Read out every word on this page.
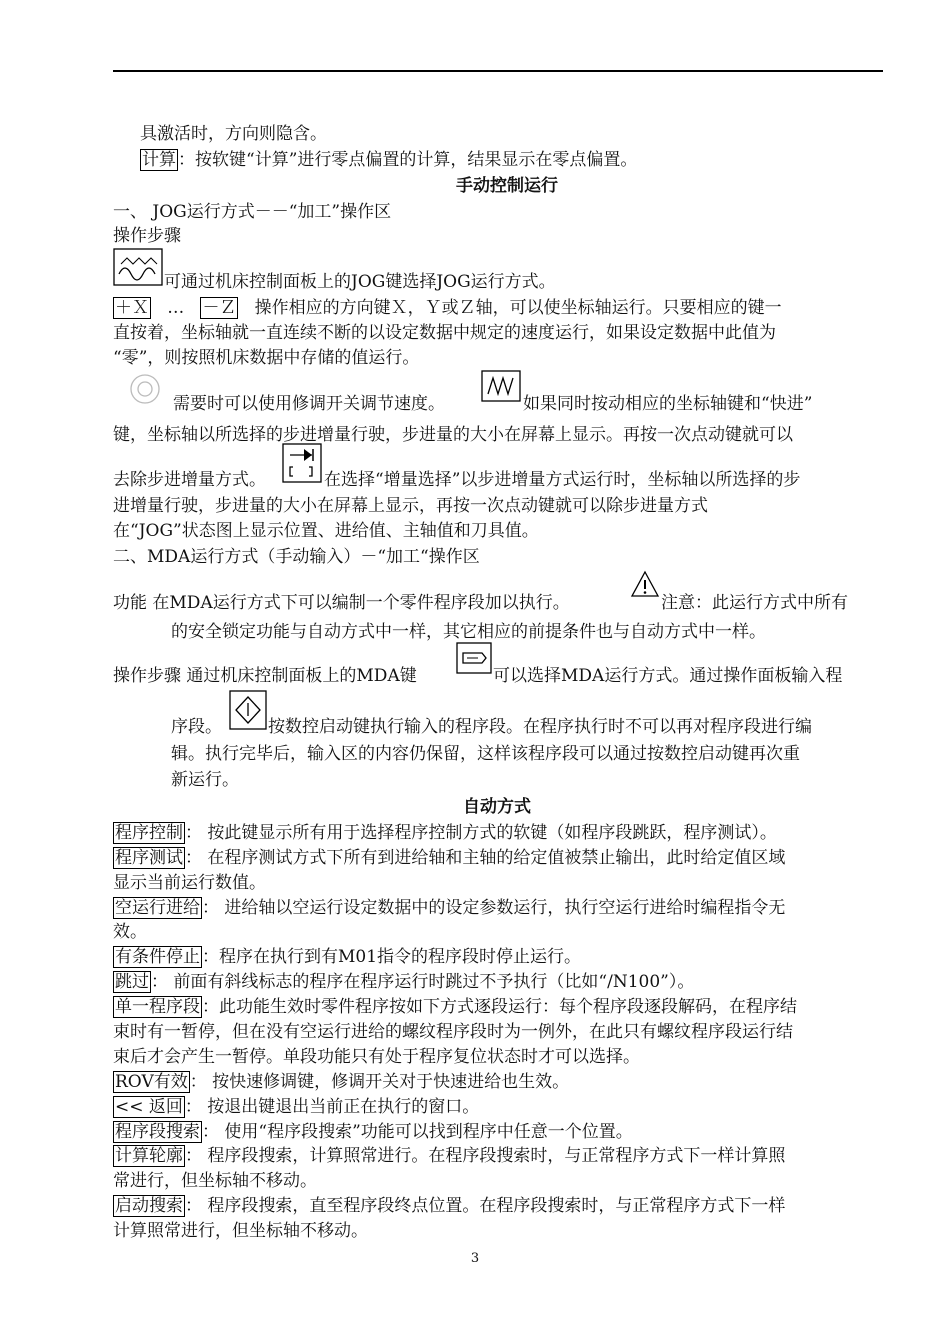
具激活时，方向则隐含。
计算 ：按软键“计算”进行零点偏置的计算，结果显示在零点偏置。
手动控制运行
一、 JOG运行方式－－“加工”操作区
操作步骤
可通过机床控制面板上的JOG键选择JOG运行方式。
＋Ｘ … －Ｚ 操作相应的方向键Ｘ，Ｙ或Ｚ轴，可以使坐标轴运行。只要相应的键一
直按着，坐标轴就一直连续不断的以设定数据中规定的速度运行，如果设定数据中此值为
“零”，则按照机床数据中存储的值运行。
需要时可以使用修调开关调节速度。	如果同时按动相应的坐标轴键和“快进”
键，坐标轴以所选择的步进增量行驶，步进量的大小在屏幕上显示。再按一次点动键就可以
去除步进增量方式。	在选择“增量选择”以步进增量方式运行时，坐标轴以所选择的步
进增量行驶，步进量的大小在屏幕上显示，再按一次点动键就可以除步进量方式
在“JOG”状态图上显示位置、进给值、主轴值和刀具值。
二、MDA运行方式（手动输入）－“加工“操作区
功能 在MDA运行方式下可以编制一个零件程序段加以执行。	注意：此运行方式中所有
的安全锁定功能与自动方式中一样，其它相应的前提条件也与自动方式中一样。
操作步骤 通过机床控制面板上的MDA键	可以选择MDA运行方式。通过操作面板输入程
序段。	按数控启动键执行输入的程序段。在程序执行时不可以再对程序段进行编
辑。执行完毕后，输入区的内容仍保留，这样该程序段可以通过按数控启动键再次重
新运行。
自动方式
程序控制 ： 按此键显示所有用于选择程序控制方式的软键（如程序段跳跃，程序测试）。
程序测试 ： 在程序测试方式下所有到进给轴和主轴的给定值被禁止输出，此时给定值区域
显示当前运行数值。
空运行进给 ： 进给轴以空运行设定数据中的设定参数运行，执行空运行进给时编程指令无
效。
有条件停止 ：程序在执行到有M01指令的程序段时停止运行。
跳过 ： 前面有斜线标志的程序在程序运行时跳过不予执行（比如“/N100”）。
单一程序段 ：此功能生效时零件程序按如下方式逐段运行：每个程序段逐段解码，在程序结
束时有一暂停，但在没有空运行进给的螺纹程序段时为一例外，在此只有螺纹程序段运行结
束后才会产生一暂停。单段功能只有处于程序复位状态时才可以选择。
ROV有效 ： 按快速修调键，修调开关对于快速进给也生效。
<< 返回 ： 按退出键退出当前正在执行的窗口。
程序段搜索 ： 使用“程序段搜索”功能可以找到程序中任意一个位置。
计算轮廓 ： 程序段搜索，计算照常进行。在程序段搜索时，与正常程序方式下一样计算照
常进行，但坐标轴不移动。
启动搜索 ： 程序段搜索，直至程序段终点位置。在程序段搜索时，与正常程序方式下一样
计算照常进行，但坐标轴不移动。
3
